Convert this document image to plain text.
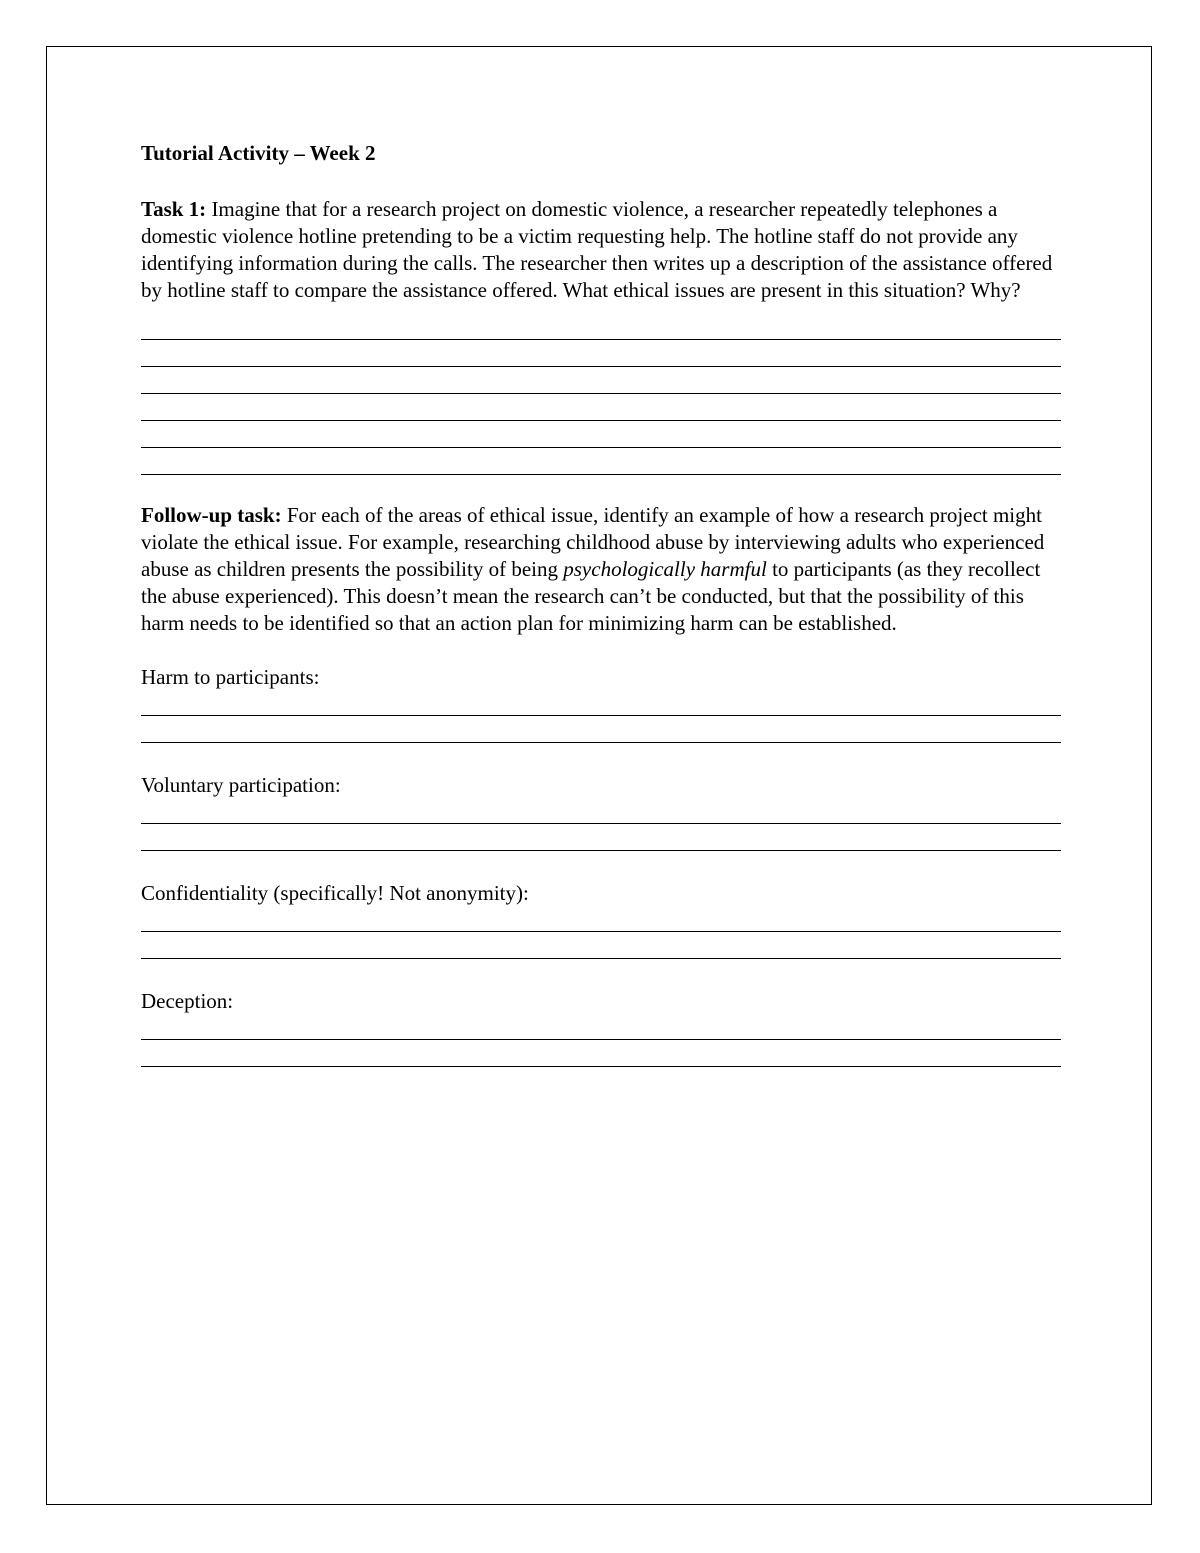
Tutorial Activity – Week 2

Task 1: Imagine that for a research project on domestic violence, a researcher repeatedly telephones a domestic violence hotline pretending to be a victim requesting help. The hotline staff do not provide any identifying information during the calls. The researcher then writes up a description of the assistance offered by hotline staff to compare the assistance offered. What ethical issues are present in this situation? Why?

Follow-up task: For each of the areas of ethical issue, identify an example of how a research project might violate the ethical issue. For example, researching childhood abuse by interviewing adults who experienced abuse as children presents the possibility of being psychologically harmful to participants (as they recollect the abuse experienced). This doesn’t mean the research can’t be conducted, but that the possibility of this harm needs to be identified so that an action plan for minimizing harm can be established.

Harm to participants:

Voluntary participation:

Confidentiality (specifically! Not anonymity):

Deception:
